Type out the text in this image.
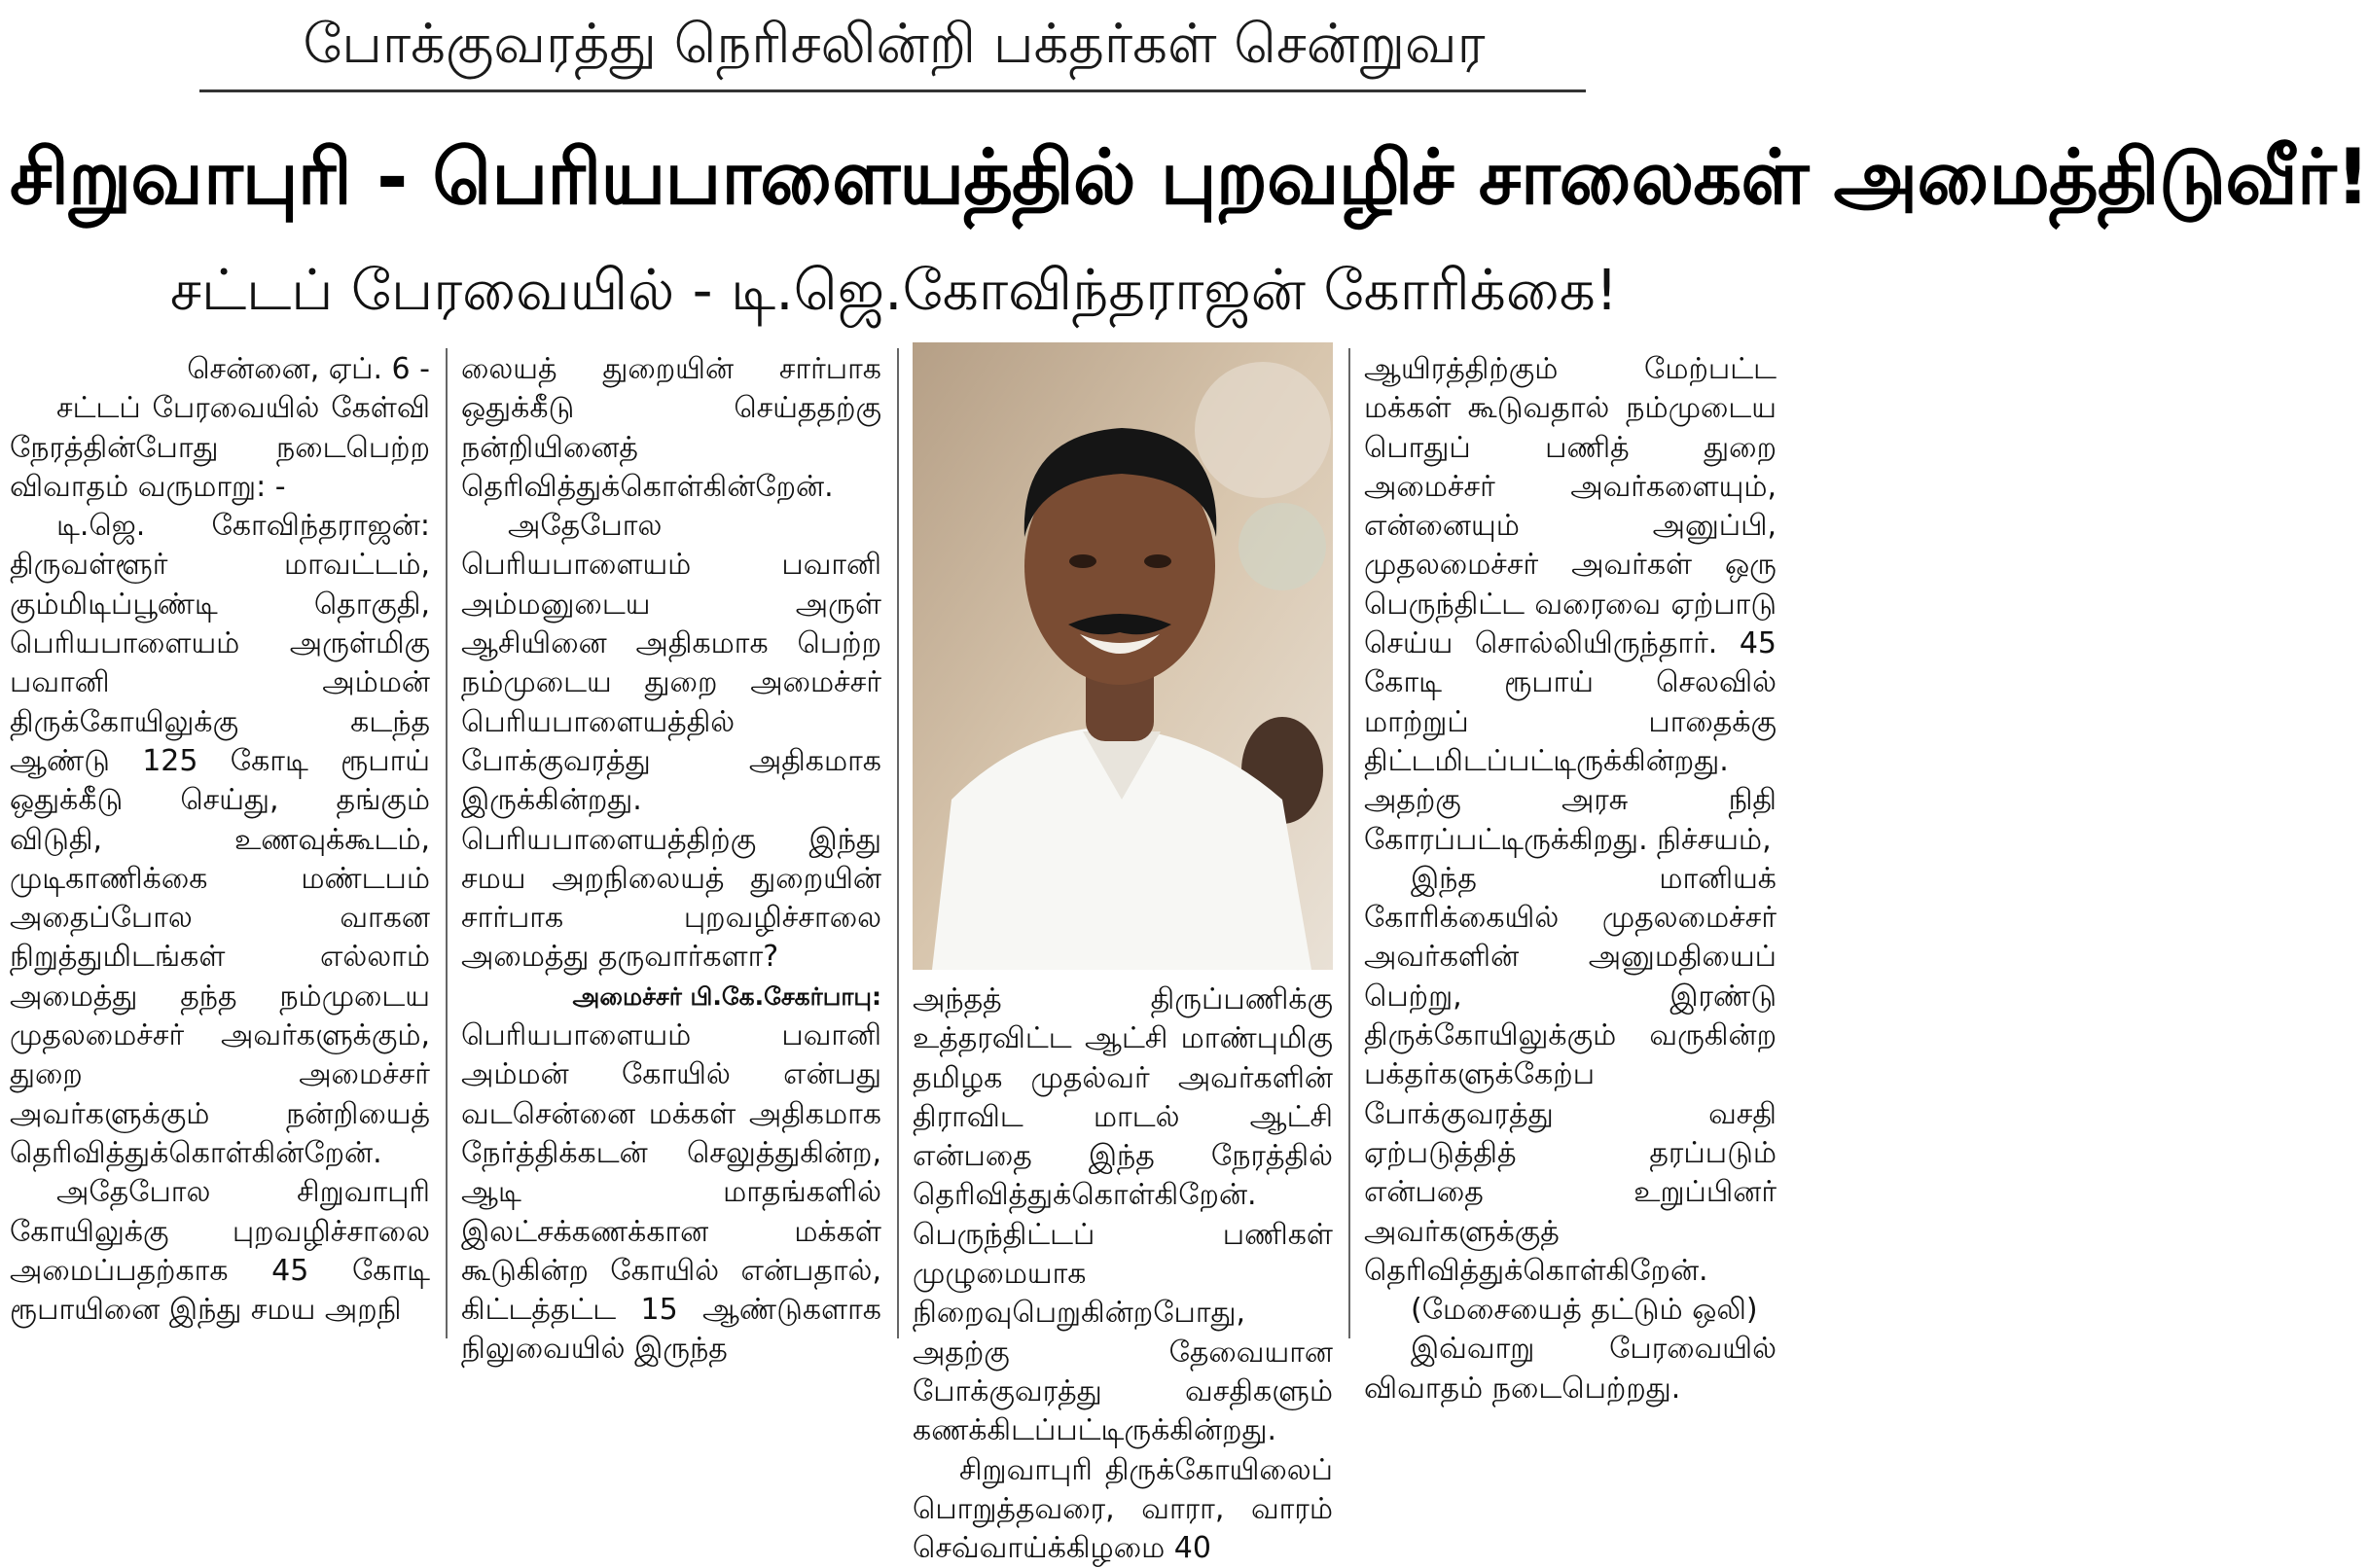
போக்குவரத்து நெரிசலின்றி பக்தர்கள் சென்றுவர
சிறுவாபுரி - பெரியபாளையத்தில் புறவழிச் சாலைகள் அமைத்திடுவீர்!
சட்டப் பேரவையில் - டி.ஜெ.கோவிந்தராஜன் கோரிக்கை!

சென்னை, ஏப். 6 -

சட்டப் பேரவையில் கேள்வி நேரத்தின்போது நடைபெற்ற விவாதம் வருமாறு: -

டி.ஜெ. கோவிந்தராஜன்: திருவள்ளூர் மாவட்டம், கும்மிடிப்பூண்டி தொகுதி, பெரியபாளையம் அருள்மிகு பவானி அம்மன் திருக்கோயிலுக்கு கடந்த ஆண்டு 125 கோடி ரூபாய் ஒதுக்கீடு செய்து, தங்கும் விடுதி, உணவுக்கூடம், முடிகாணிக்கை மண்டபம் அதைப்போல வாகன நிறுத்துமிடங்கள் எல்லாம் அமைத்து தந்த நம்முடைய முதலமைச்சர் அவர்களுக்கும், துறை அமைச்சர் அவர்களுக்கும் நன்றியைத் தெரிவித்துக்கொள்கின்றேன்.

அதேபோல சிறுவாபுரி கோயிலுக்கு புறவழிச்சாலை அமைப்பதற்காக 45 கோடி ரூபாயினை இந்து சமய அறநி

லையத் துறையின் சார்பாக ஒதுக்கீடு செய்ததற்கு நன்றியினைத் தெரிவித்துக்கொள்கின்றேன்.

அதேபோல பெரியபாளையம் பவானி அம்மனுடைய அருள் ஆசியினை அதிகமாக பெற்ற நம்முடைய துறை அமைச்சர் பெரியபாளையத்தில் போக்குவரத்து அதிகமாக இருக்கின்றது. பெரியபாளையத்திற்கு இந்து சமய அறநிலையத் துறையின் சார்பாக புறவழிச்சாலை அமைத்து தருவார்களா?

அமைச்சர் பி.கே.சேகர்பாபு:

பெரியபாளையம் பவானி அம்மன் கோயில் என்பது வடசென்னை மக்கள் அதிகமாக நேர்த்திக்கடன் செலுத்துகின்ற, ஆடி மாதங்களில் இலட்சக்கணக்கான மக்கள் கூடுகின்ற கோயில் என்பதால், கிட்டத்தட்ட 15 ஆண்டுகளாக நிலுவையில் இருந்த

அந்தத் திருப்பணிக்கு உத்தரவிட்ட ஆட்சி மாண்புமிகு தமிழக முதல்வர் அவர்களின் திராவிட மாடல் ஆட்சி என்பதை இந்த நேரத்தில் தெரிவித்துக்கொள்கிறேன். பெருந்திட்டப் பணிகள் முழுமையாக நிறைவுபெறுகின்றபோது, அதற்கு தேவையான போக்குவரத்து வசதிகளும் கணக்கிடப்பட்டிருக்கின்றது.

சிறுவாபுரி திருக்கோயிலைப் பொறுத்தவரை, வாரா, வாரம் செவ்வாய்க்கிழமை 40

ஆயிரத்திற்கும் மேற்பட்ட மக்கள் கூடுவதால் நம்முடைய பொதுப் பணித் துறை அமைச்சர் அவர்களையும், என்னையும் அனுப்பி, முதலமைச்சர் அவர்கள் ஒரு பெருந்திட்ட வரைவை ஏற்பாடு செய்ய சொல்லியிருந்தார். 45 கோடி ரூபாய் செலவில் மாற்றுப் பாதைக்கு திட்டமிடப்பட்டிருக்கின்றது. அதற்கு அரசு நிதி கோரப்பட்டிருக்கிறது. நிச்சயம்,

இந்த மானியக் கோரிக்கையில் முதலமைச்சர் அவர்களின் அனுமதியைப் பெற்று, இரண்டு திருக்கோயிலுக்கும் வருகின்ற பக்தர்களுக்கேற்ப போக்குவரத்து வசதி ஏற்படுத்தித் தரப்படும் என்பதை உறுப்பினர் அவர்களுக்குத் தெரிவித்துக்கொள்கிறேன்.

(மேசையைத் தட்டும் ஒலி)

இவ்வாறு பேரவையில் விவாதம் நடைபெற்றது.
